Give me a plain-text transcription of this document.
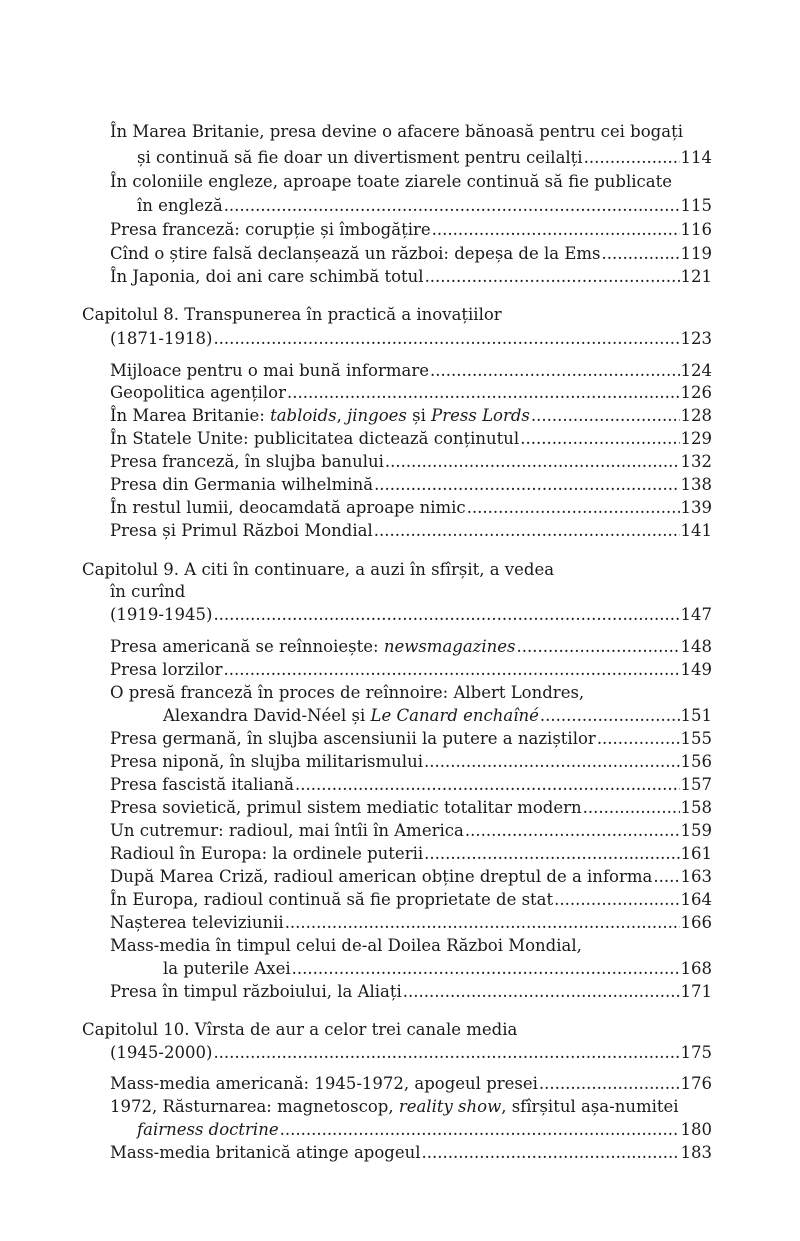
În Marea Britanie, presa devine o afacere bănoasă pentru cei bogați
și continuă să fie doar un divertisment pentru ceilalți .....	114
În coloniile engleze, aproape toate ziarele continuă să fie publicate
în engleză .....	115
Presa franceză: corupție și îmbogățire .....	116
Cînd o știre falsă declanșează un război: depeșa de la Ems .....	119
În Japonia, doi ani care schimbă totul .....	121
Capitolul 8. Transpunerea în practică a inovațiilor
(1871-1918) .....	123
Mijloace pentru o mai bună informare .....	124
Geopolitica agenților .....	126
În Marea Britanie: tabloids, jingoes și Press Lords .....	128
În Statele Unite: publicitatea dictează conținutul .....	129
Presa franceză, în slujba banului .....	132
Presa din Germania wilhelmină .....	138
În restul lumii, deocamdată aproape nimic .....	139
Presa și Primul Război Mondial .....	141
Capitolul 9. A citi în continuare, a auzi în sfîrșit, a vedea
în curînd
(1919-1945) .....	147
Presa americană se reînnoiește: newsmagazines .....	148
Presa lorzilor .....	149
O presă franceză în proces de reînnoire: Albert Londres,
Alexandra David-Néel și Le Canard enchaîné .....	151
Presa germană, în slujba ascensiunii la putere a naziștilor .....	155
Presa niponă, în slujba militarismului .....	156
Presa fascistă italiană .....	157
Presa sovietică, primul sistem mediatic totalitar modern .....	158
Un cutremur: radioul, mai întîi în America .....	159
Radioul în Europa: la ordinele puterii .....	161
După Marea Criză, radioul american obține dreptul de a informa ..... 163
În Europa, radioul continuă să fie proprietate de stat .....	164
Nașterea televiziunii .....	166
Mass-media în timpul celui de-al Doilea Război Mondial,
la puterile Axei .....	168
Presa în timpul războiului, la Aliați .....	171
Capitolul 10. Vîrsta de aur a celor trei canale media
(1945-2000) .....	175
Mass-media americană: 1945-1972, apogeul presei .....	176
1972, Răsturnarea: magnetoscop, reality show, sfîrșitul așa-numitei
fairness doctrine .....	180
Mass-media britanică atinge apogeul .....	183
